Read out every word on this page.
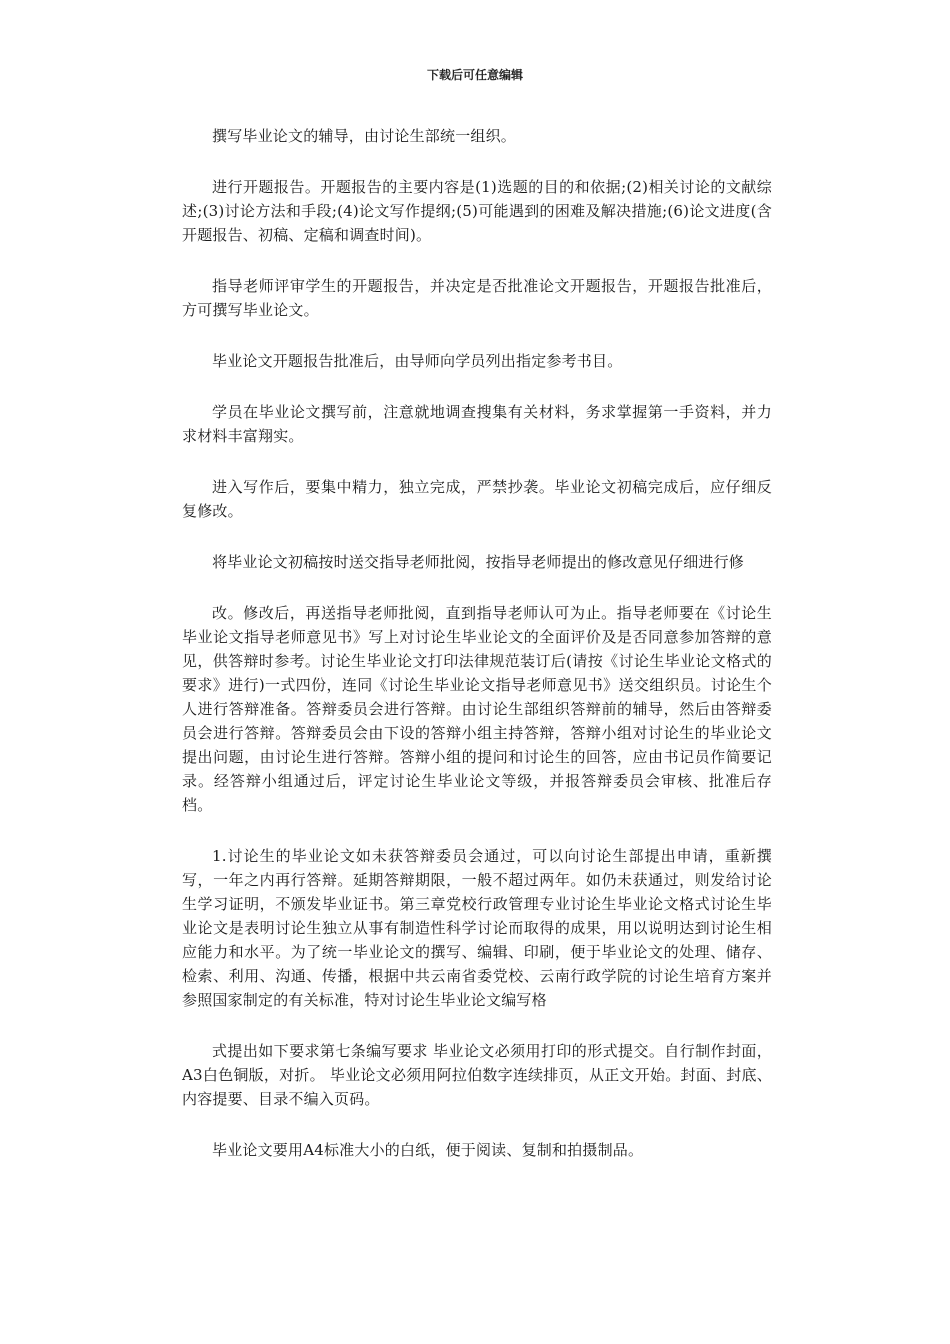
下载后可任意编辑

撰写毕业论文的辅导，由讨论生部统一组织。

进行开题报告。开题报告的主要内容是(1)选题的目的和依据;(2)相关讨论的文献综述;(3)讨论方法和手段;(4)论文写作提纲;(5)可能遇到的困难及解决措施;(6)论文进度(含开题报告、初稿、定稿和调查时间)。

指导老师评审学生的开题报告，并决定是否批准论文开题报告，开题报告批准后，方可撰写毕业论文。

毕业论文开题报告批准后，由导师向学员列出指定参考书目。

学员在毕业论文撰写前，注意就地调查搜集有关材料，务求掌握第一手资料，并力求材料丰富翔实。

进入写作后，要集中精力，独立完成，严禁抄袭。毕业论文初稿完成后，应仔细反复修改。

将毕业论文初稿按时送交指导老师批阅，按指导老师提出的修改意见仔细进行修

改。修改后，再送指导老师批阅，直到指导老师认可为止。指导老师要在《讨论生毕业论文指导老师意见书》写上对讨论生毕业论文的全面评价及是否同意参加答辩的意见，供答辩时参考。讨论生毕业论文打印法律规范装订后(请按《讨论生毕业论文格式的要求》进行)一式四份，连同《讨论生毕业论文指导老师意见书》送交组织员。讨论生个人进行答辩准备。答辩委员会进行答辩。由讨论生部组织答辩前的辅导，然后由答辩委员会进行答辩。答辩委员会由下设的答辩小组主持答辩，答辩小组对讨论生的毕业论文提出问题，由讨论生进行答辩。答辩小组的提问和讨论生的回答，应由书记员作简要记录。经答辩小组通过后，评定讨论生毕业论文等级，并报答辩委员会审核、批准后存档。

1.讨论生的毕业论文如未获答辩委员会通过，可以向讨论生部提出申请，重新撰写，一年之内再行答辩。延期答辩期限，一般不超过两年。如仍未获通过，则发给讨论生学习证明，不颁发毕业证书。第三章党校行政管理专业讨论生毕业论文格式讨论生毕业论文是表明讨论生独立从事有制造性科学讨论而取得的成果，用以说明达到讨论生相应能力和水平。为了统一毕业论文的撰写、编辑、印刷，便于毕业论文的处理、储存、检索、利用、沟通、传播，根据中共云南省委党校、云南行政学院的讨论生培育方案并参照国家制定的有关标准，特对讨论生毕业论文编写格

式提出如下要求第七条编写要求 毕业论文必须用打印的形式提交。自行制作封面，A3白色铜版，对折。 毕业论文必须用阿拉伯数字连续排页，从正文开始。封面、封底、内容提要、目录不编入页码。

毕业论文要用A4标准大小的白纸，便于阅读、复制和拍摄制品。
